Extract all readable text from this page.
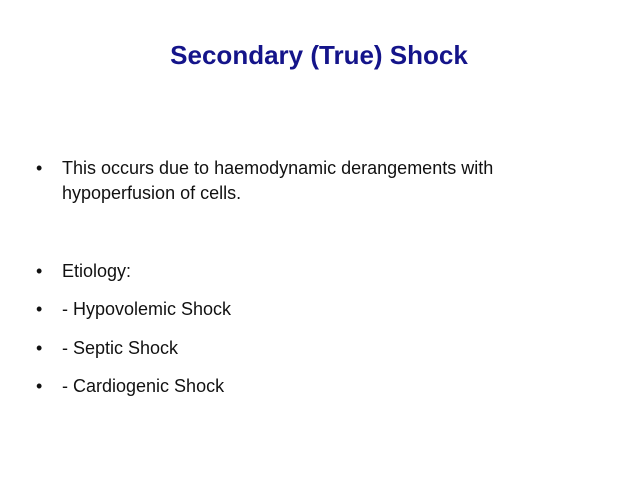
Secondary (True) Shock
•	This occurs due to haemodynamic derangements with hypoperfusion of cells.
•	Etiology:
•	- Hypovolemic Shock
•	- Septic Shock
•	- Cardiogenic Shock
